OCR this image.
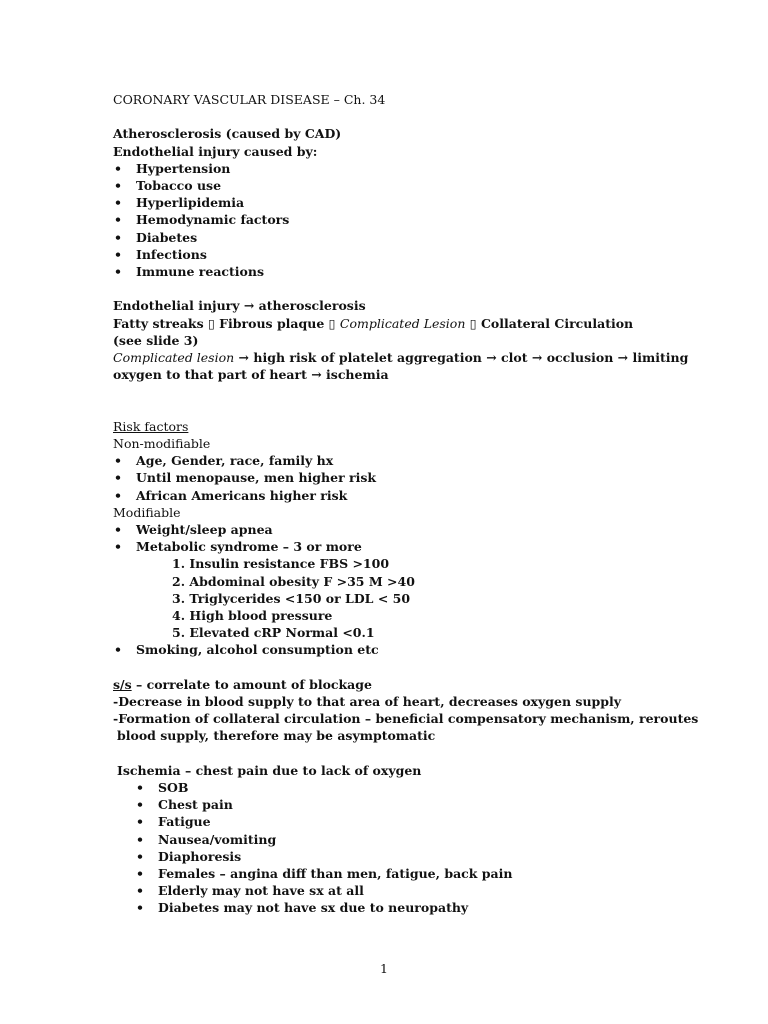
CORONARY VASCULAR DISEASE – Ch. 34
Atherosclerosis (caused by CAD)
Endothelial injury caused by:
• Hypertension
• Tobacco use
• Hyperlipidemia
• Hemodynamic factors
• Diabetes
• Infections
• Immune reactions
Endothelial injury → atherosclerosis
Fatty streaks ▯ Fibrous plaque ▯ Complicated Lesion ▯ Collateral Circulation
(see slide 3)
Complicated lesion → high risk of platelet aggregation → clot → occlusion → limiting
oxygen to that part of heart → ischemia
Risk factors
Non-modifiable
• Age, Gender, race, family hx
• Until menopause, men higher risk
• African Americans higher risk
Modifiable
• Weight/sleep apnea
• Metabolic syndrome – 3 or more
1. Insulin resistance FBS >100
2. Abdominal obesity F >35 M >40
3. Triglycerides <150 or LDL < 50
4. High blood pressure
5. Elevated cRP Normal <0.1
• Smoking, alcohol consumption etc
s/s – correlate to amount of blockage
-Decrease in blood supply to that area of heart, decreases oxygen supply
-Formation of collateral circulation – beneficial compensatory mechanism, reroutes
blood supply, therefore may be asymptomatic
Ischemia – chest pain due to lack of oxygen
• SOB
• Chest pain
• Fatigue
• Nausea/vomiting
• Diaphoresis
• Females – angina diff than men, fatigue, back pain
• Elderly may not have sx at all
• Diabetes may not have sx due to neuropathy
1
